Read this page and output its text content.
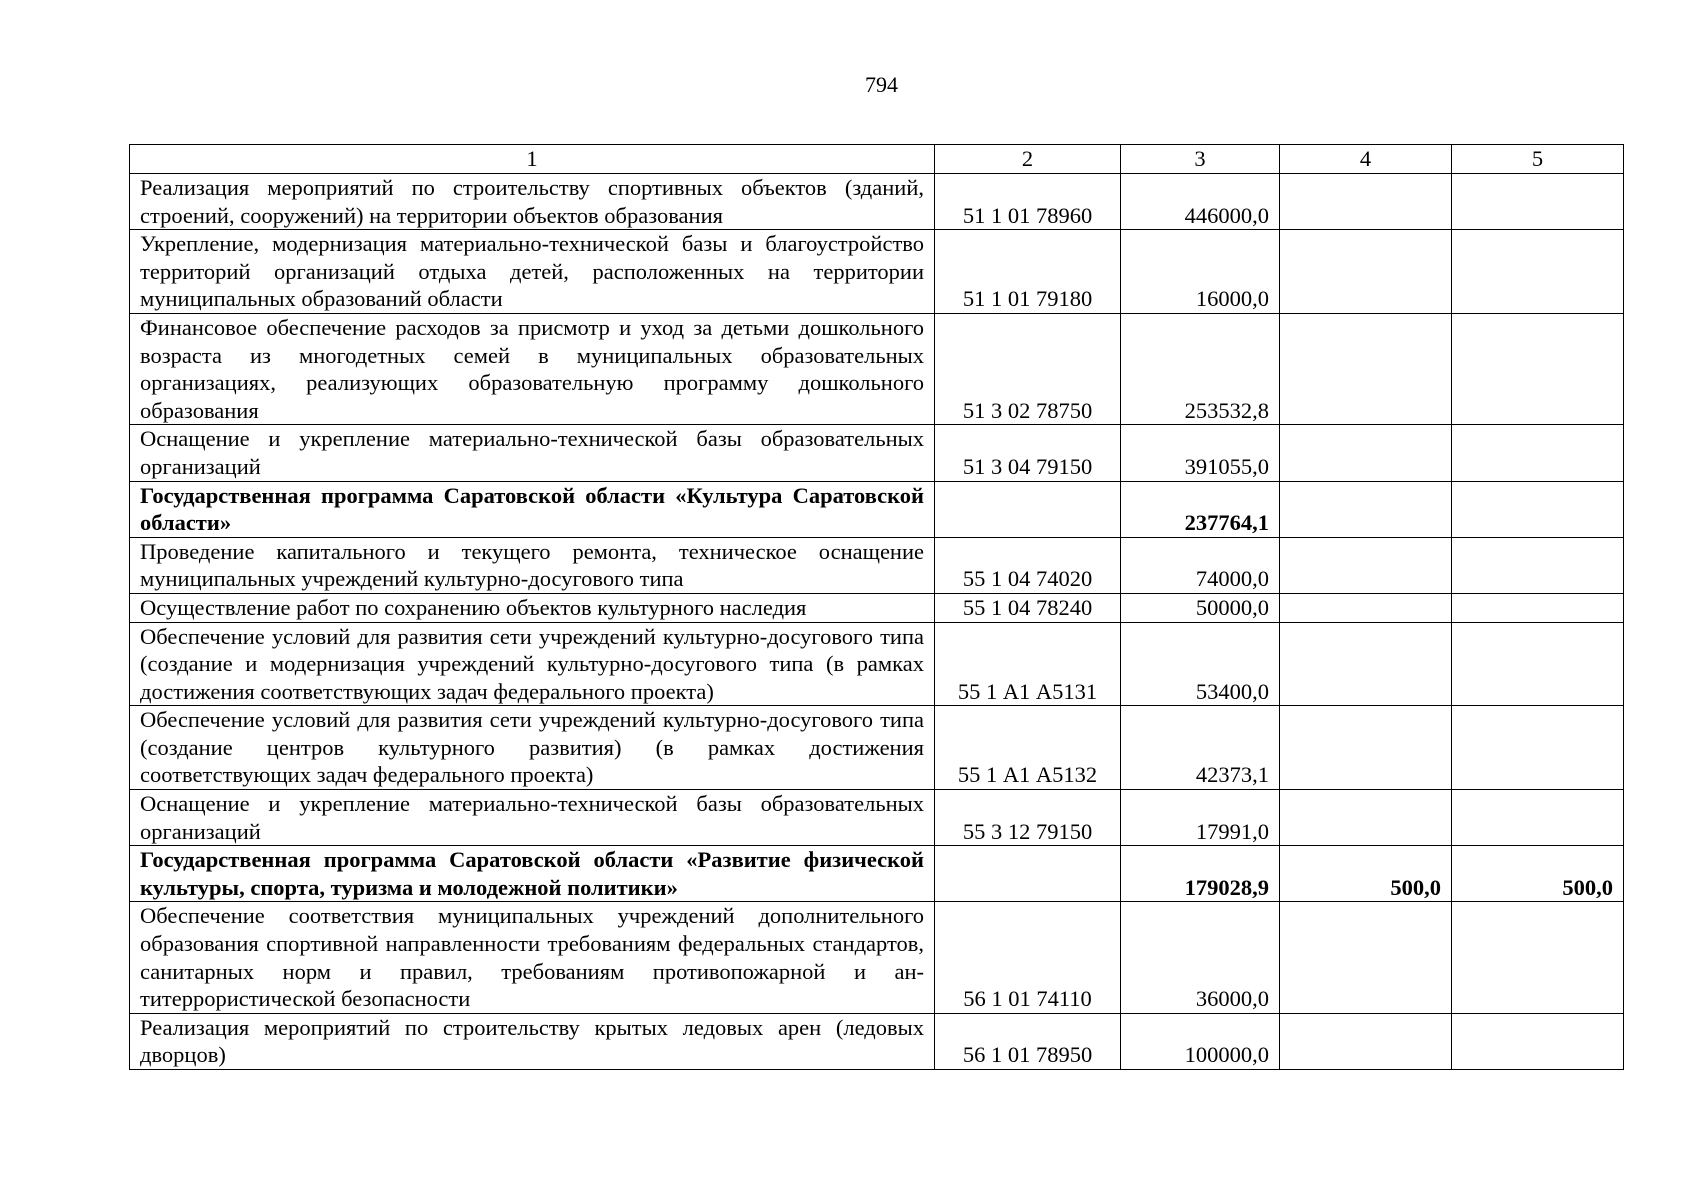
794
1	2	3	4	5
Реализация мероприятий по строительству спортивных объектов (зданий, строений, сооружений) на территории объектов образования	51 1 01 78960	446000,0		
Укрепление, модернизация материально-технической базы и благоустройство территорий организаций отдыха детей, расположенных на территории муниципальных образований области	51 1 01 79180	16000,0		
Финансовое обеспечение расходов за присмотр и уход за детьми дошкольного возраста из многодетных семей в муниципальных образовательных организациях, реализующих образовательную программу дошкольного образования	51 3 02 78750	253532,8		
Оснащение и укрепление материально-технической базы образовательных организаций	51 3 04 79150	391055,0		
Государственная программа Саратовской области «Культура Саратовской области»		237764,1		
Проведение капитального и текущего ремонта, техническое оснащение муниципальных учреждений культурно-досугового типа	55 1 04 74020	74000,0		
Осуществление работ по сохранению объектов культурного наследия	55 1 04 78240	50000,0		
Обеспечение условий для развития сети учреждений культурно-досугового типа (создание и модернизация учреждений культурно-досугового типа (в рамках достижения соответствующих задач федерального проекта)	55 1 А1 А5131	53400,0		
Обеспечение условий для развития сети учреждений культурно-досугового типа (создание центров культурного развития) (в рамках достижения соответствующих задач федерального проекта)	55 1 А1 А5132	42373,1		
Оснащение и укрепление материально-технической базы образовательных организаций	55 3 12 79150	17991,0		
Государственная программа Саратовской области «Развитие физической культуры, спорта, туризма и молодежной политики»		179028,9	500,0	500,0
Обеспечение соответствия муниципальных учреждений дополнительного образования спортивной направленности требованиям федеральных стандартов, санитарных норм и правил, требованиям противопожарной и антитеррористической безопасности	56 1 01 74110	36000,0		
Реализация мероприятий по строительству крытых ледовых арен (ледовых дворцов)	56 1 01 78950	100000,0		
